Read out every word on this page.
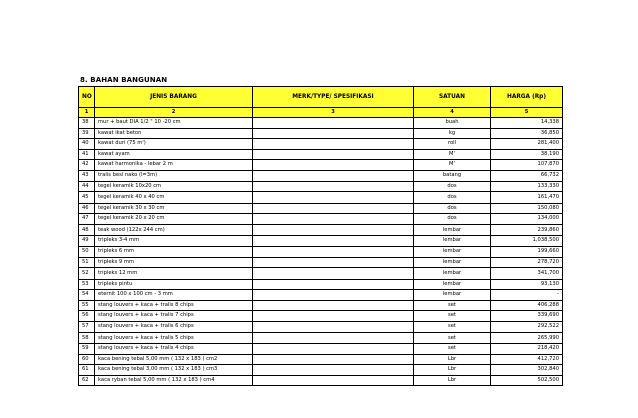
8. BAHAN BANGUNAN
NO	JENIS BARANG	MERK/TYPE/ SPESIFIKASI	SATUAN	HARGA (Rp)
1	2	3	4	5
38	mur + baut DIA 1/2 " 10 -20 cm		buah	14,338
39	kawat ikat beton		kg	36,850
40	kawat duri (75 m')		roll	281,400
41	kawat ayam		M'	38,190
42	kawat harmonika - lebar 2 m		M'	107,870
43	tralis besi nako (l=3m)		batang	66,732
44	tegel keramik 10x20 cm		dos	133,330
45	tegel keramik 40 x 40 cm		dos	161,470
46	tegel keramik 30 x 30 cm		dos	150,080
47	tegel keramik 20 x 20 cm		dos	134,000
48	teak wood (122x 244 cm)		lembar	239,860
49	tripleks 3-4 mm		lembar	1,038,500
50	tripleks 6 mm		lembar	199,660
51	tripleks 9 mm		lembar	278,720
52	tripleks 12 mm		lembar	341,700
53	tripleks pintu		lembar	93,130
54	eternit 100 x 100 cm - 3 mm		lembar	-
55	stang louvers + kaca + tralis 8 chips		set	406,288
56	stang louvers + kaca + tralis 7 chips		set	339,690
57	stang louvers + kaca + tralis 6 chips		set	292,522
58	stang louvers + kaca + tralis 5 chips		set	265,990
59	stang louvers + kaca + tralis 4 chips		set	218,420
60	kaca bening tebal 5,00 mm ( 132 x 183 ) cm2		Lbr	412,720
61	kaca bening tebal 3,00 mm ( 132 x 183 ) cm3		Lbr	302,840
62	kaca ryban tebal 5,00 mm ( 132 x 183 ) cm4		Lbr	502,500
